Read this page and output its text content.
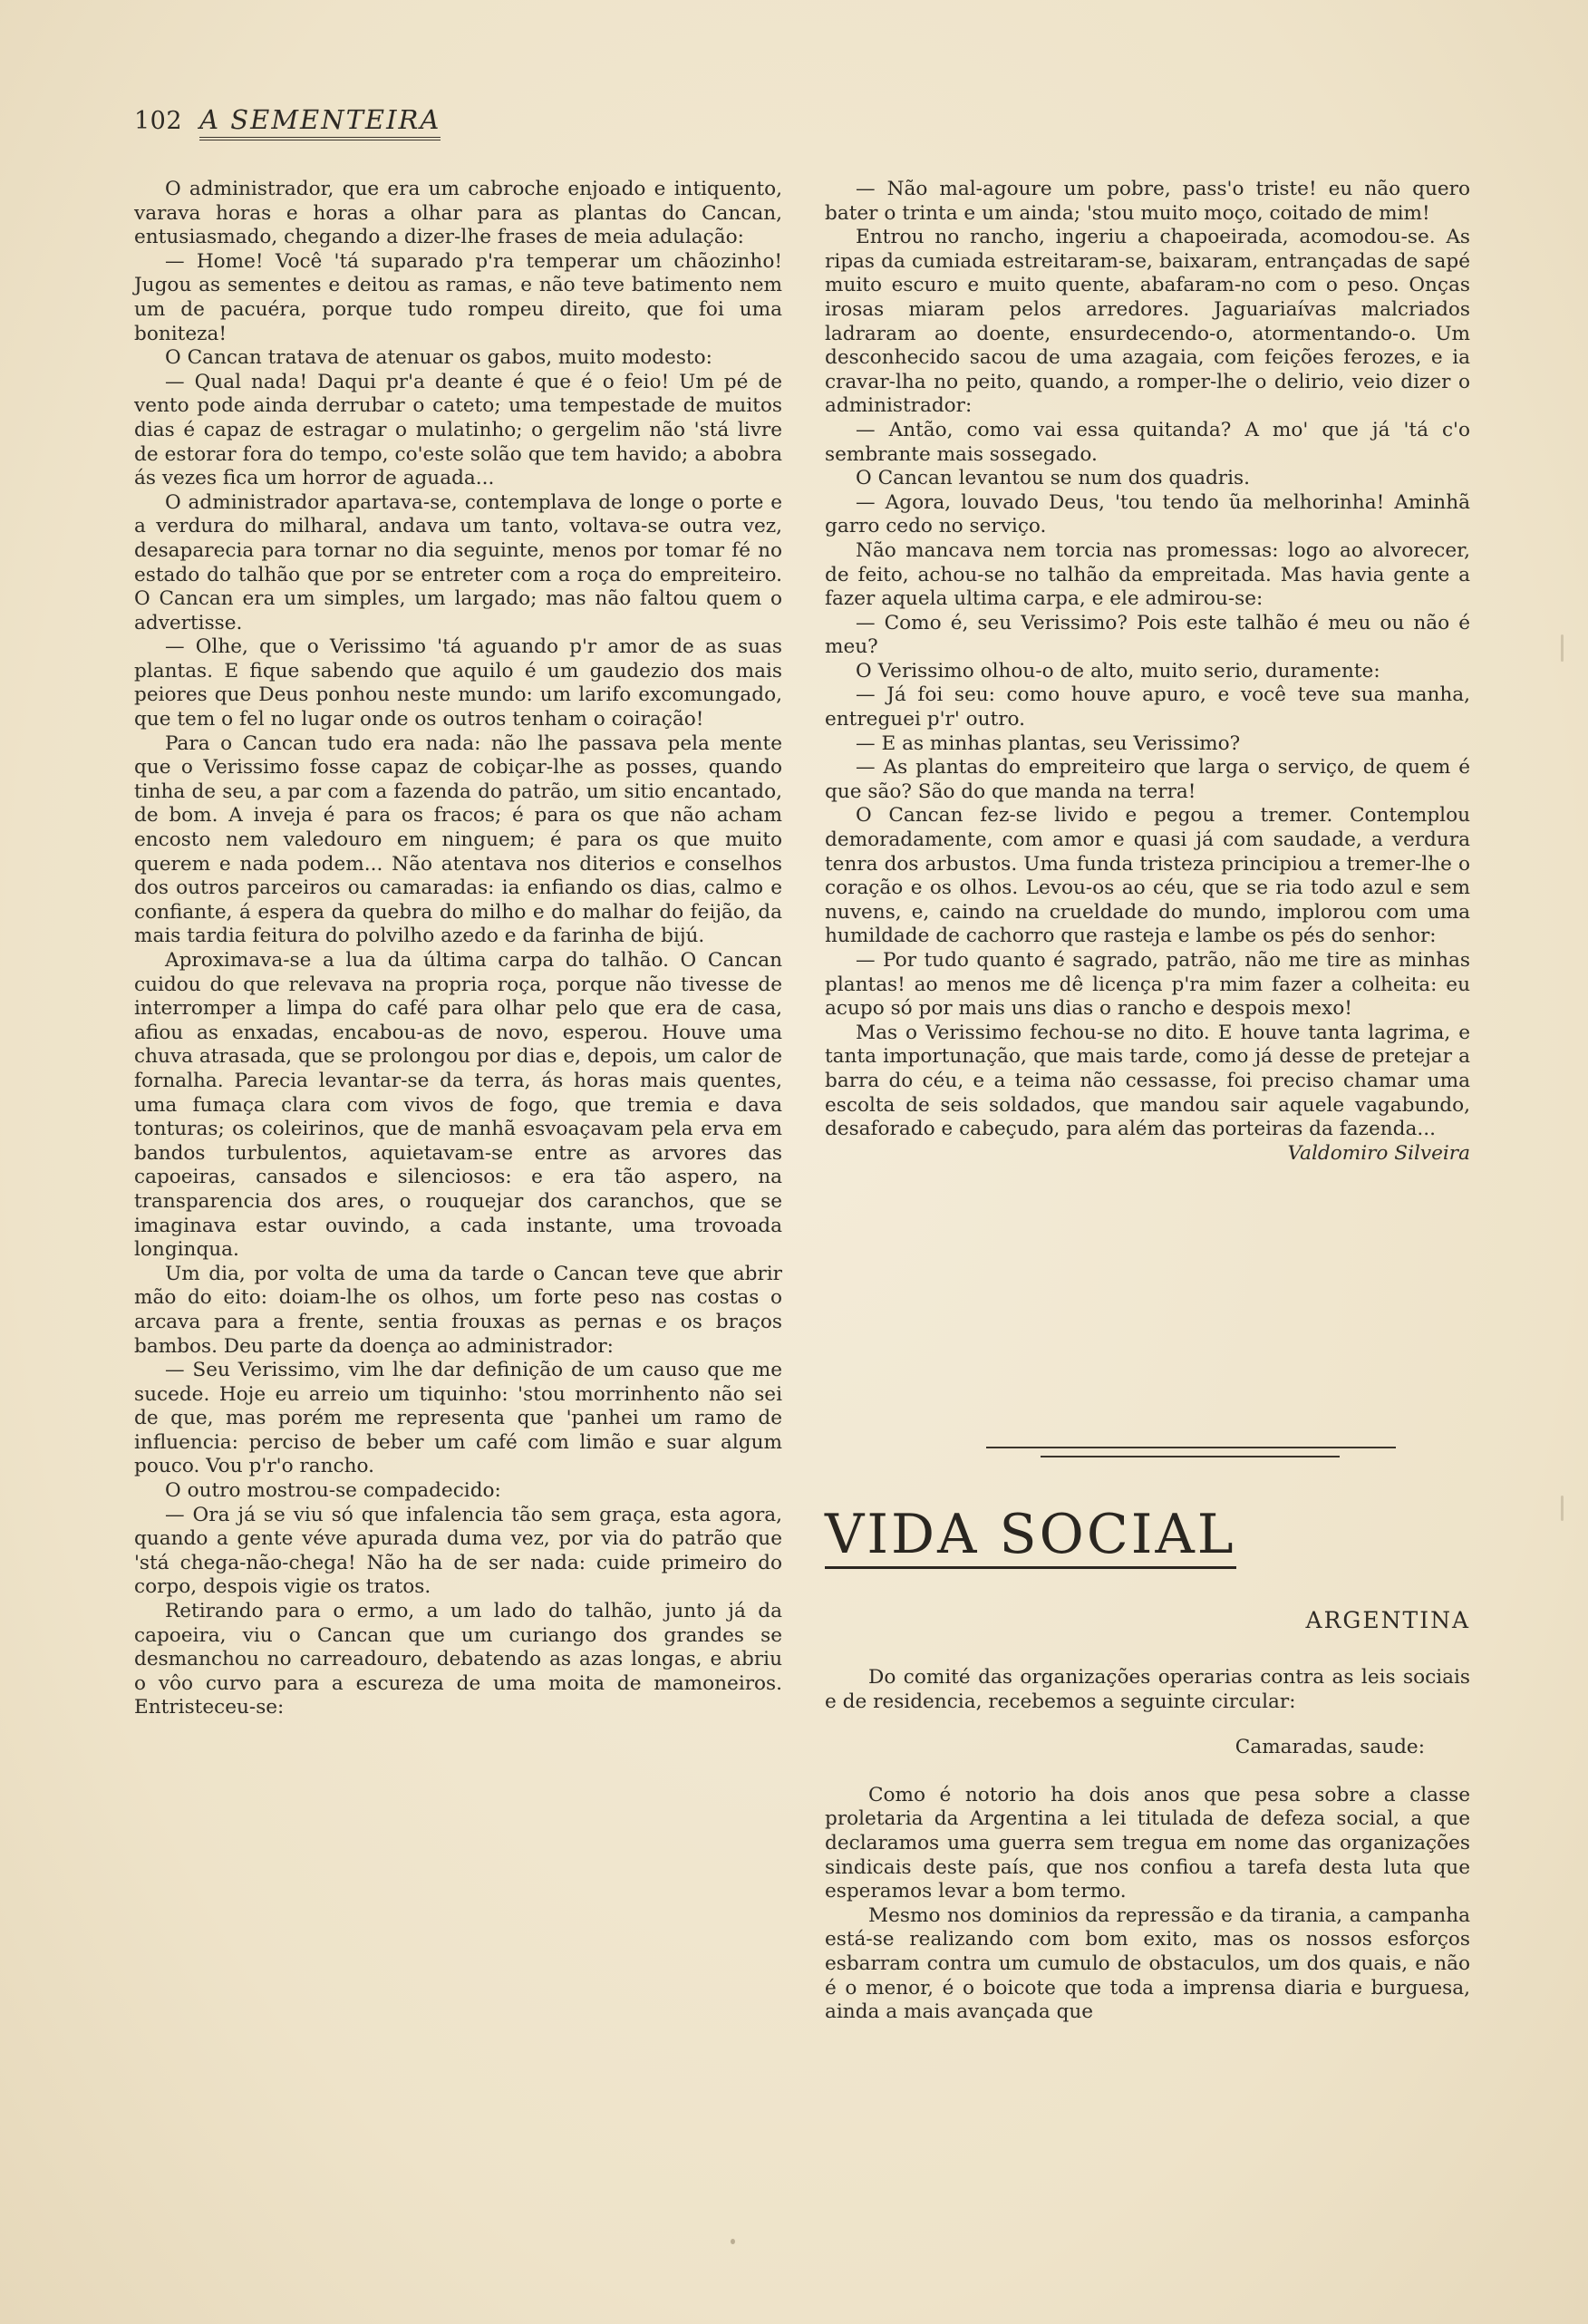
102 A SEMENTEIRA

O administrador, que era um cabroche enjoado e intiquento, varava horas e horas a olhar para as plantas do Cancan, entusiasmado, chegando a dizer-lhe frases de meia adulação:

— Home! Você 'tá suparado p'ra temperar um chãozinho! Jugou as sementes e deitou as ramas, e não teve batimento nem um de pacuéra, porque tudo rompeu direito, que foi uma boniteza!

O Cancan tratava de atenuar os gabos, muito modesto:

— Qual nada! Daqui pr'a deante é que é o feio! Um pé de vento pode ainda derrubar o cateto; uma tempestade de muitos dias é capaz de estragar o mulatinho; o gergelim não 'stá livre de estorar fora do tempo, co'este solão que tem havido; a abobra ás vezes fica um horror de aguada...

O administrador apartava-se, contemplava de longe o porte e a verdura do milharal, andava um tanto, voltava-se outra vez, desaparecia para tornar no dia seguinte, menos por tomar fé no estado do talhão que por se entreter com a roça do empreiteiro. O Cancan era um simples, um largado; mas não faltou quem o advertisse.

— Olhe, que o Verissimo 'tá aguando p'r amor de as suas plantas. E fique sabendo que aquilo é um gaudezio dos mais peiores que Deus ponhou neste mundo: um larifo excomungado, que tem o fel no lugar onde os outros tenham o coiração!

Para o Cancan tudo era nada: não lhe passava pela mente que o Verissimo fosse capaz de cobiçar-lhe as posses, quando tinha de seu, a par com a fazenda do patrão, um sitio encantado, de bom. A inveja é para os fracos; é para os que não acham encosto nem valedouro em ninguem; é para os que muito querem e nada podem... Não atentava nos diterios e conselhos dos outros parceiros ou camaradas: ia enfiando os dias, calmo e confiante, á espera da quebra do milho e do malhar do feijão, da mais tardia feitura do polvilho azedo e da farinha de bijú.

Aproximava-se a lua da última carpa do talhão. O Cancan cuidou do que relevava na propria roça, porque não tivesse de interromper a limpa do café para olhar pelo que era de casa, afiou as enxadas, encabou-as de novo, esperou. Houve uma chuva atrasada, que se prolongou por dias e, depois, um calor de fornalha. Parecia levantar-se da terra, ás horas mais quentes, uma fumaça clara com vivos de fogo, que tremia e dava tonturas; os coleirinos, que de manhã esvoaçavam pela erva em bandos turbulentos, aquietavam-se entre as arvores das capoeiras, cansados e silenciosos: e era tão aspero, na transparencia dos ares, o rouquejar dos caranchos, que se imaginava estar ouvindo, a cada instante, uma trovoada longinqua.

Um dia, por volta de uma da tarde o Cancan teve que abrir mão do eito: doiam-lhe os olhos, um forte peso nas costas o arcava para a frente, sentia frouxas as pernas e os braços bambos. Deu parte da doença ao administrador:

— Seu Verissimo, vim lhe dar definição de um causo que me sucede. Hoje eu arreio um tiquinho: 'stou morrinhento não sei de que, mas porém me representa que 'panhei um ramo de influencia: perciso de beber um café com limão e suar algum pouco. Vou p'r'o rancho.

O outro mostrou-se compadecido:

— Ora já se viu só que infalencia tão sem graça, esta agora, quando a gente véve apurada duma vez, por via do patrão que 'stá chega-não-chega! Não ha de ser nada: cuide primeiro do corpo, despois vigie os tratos.

Retirando para o ermo, a um lado do talhão, junto já da capoeira, viu o Cancan que um curiango dos grandes se desmanchou no carreadouro, debatendo as azas longas, e abriu o vôo curvo para a escureza de uma moita de mamoneiros. Entristeceu-se:

— Não mal-agoure um pobre, pass'o triste! eu não quero bater o trinta e um ainda; 'stou muito moço, coitado de mim!

Entrou no rancho, ingeriu a chapoeirada, acomodou-se. As ripas da cumiada estreitaram-se, baixaram, entrançadas de sapé muito escuro e muito quente, abafaram-no com o peso. Onças irosas miaram pelos arredores. Jaguariaívas malcriados ladraram ao doente, ensurdecendo-o, atormentando-o. Um desconhecido sacou de uma azagaia, com feições ferozes, e ia cravar-lha no peito, quando, a romper-lhe o delirio, veio dizer o administrador:

— Antão, como vai essa quitanda? A mo' que já 'tá c'o sembrante mais sossegado.

O Cancan levantou se num dos quadris.

— Agora, louvado Deus, 'tou tendo ũa melhorinha! Aminhã garro cedo no serviço.

Não mancava nem torcia nas promessas: logo ao alvorecer, de feito, achou-se no talhão da empreitada. Mas havia gente a fazer aquela ultima carpa, e ele admirou-se:

— Como é, seu Verissimo? Pois este talhão é meu ou não é meu?

O Verissimo olhou-o de alto, muito serio, duramente:

— Já foi seu: como houve apuro, e você teve sua manha, entreguei p'r' outro.

— E as minhas plantas, seu Verissimo?

— As plantas do empreiteiro que larga o serviço, de quem é que são? São do que manda na terra!

O Cancan fez-se livido e pegou a tremer. Contemplou demoradamente, com amor e quasi já com saudade, a verdura tenra dos arbustos. Uma funda tristeza principiou a tremer-lhe o coração e os olhos. Levou-os ao céu, que se ria todo azul e sem nuvens, e, caindo na crueldade do mundo, implorou com uma humildade de cachorro que rasteja e lambe os pés do senhor:

— Por tudo quanto é sagrado, patrão, não me tire as minhas plantas! ao menos me dê licença p'ra mim fazer a colheita: eu acupo só por mais uns dias o rancho e despois mexo!

Mas o Verissimo fechou-se no dito. E houve tanta lagrima, e tanta importunação, que mais tarde, como já desse de pretejar a barra do céu, e a teima não cessasse, foi preciso chamar uma escolta de seis soldados, que mandou sair aquele vagabundo, desaforado e cabeçudo, para além das porteiras da fazenda...

Valdomiro Silveira

VIDA SOCIAL
ARGENTINA

Do comité das organizações operarias contra as leis sociais e de residencia, recebemos a seguinte circular:

Camaradas, saude:

Como é notorio ha dois anos que pesa sobre a classe proletaria da Argentina a lei titulada de defeza social, a que declaramos uma guerra sem tregua em nome das organizações sindicais deste país, que nos confiou a tarefa desta luta que esperamos levar a bom termo.

Mesmo nos dominios da repressão e da tirania, a campanha está-se realizando com bom exito, mas os nossos esforços esbarram contra um cumulo de obstaculos, um dos quais, e não é o menor, é o boicote que toda a imprensa diaria e burguesa, ainda a mais avançada que
